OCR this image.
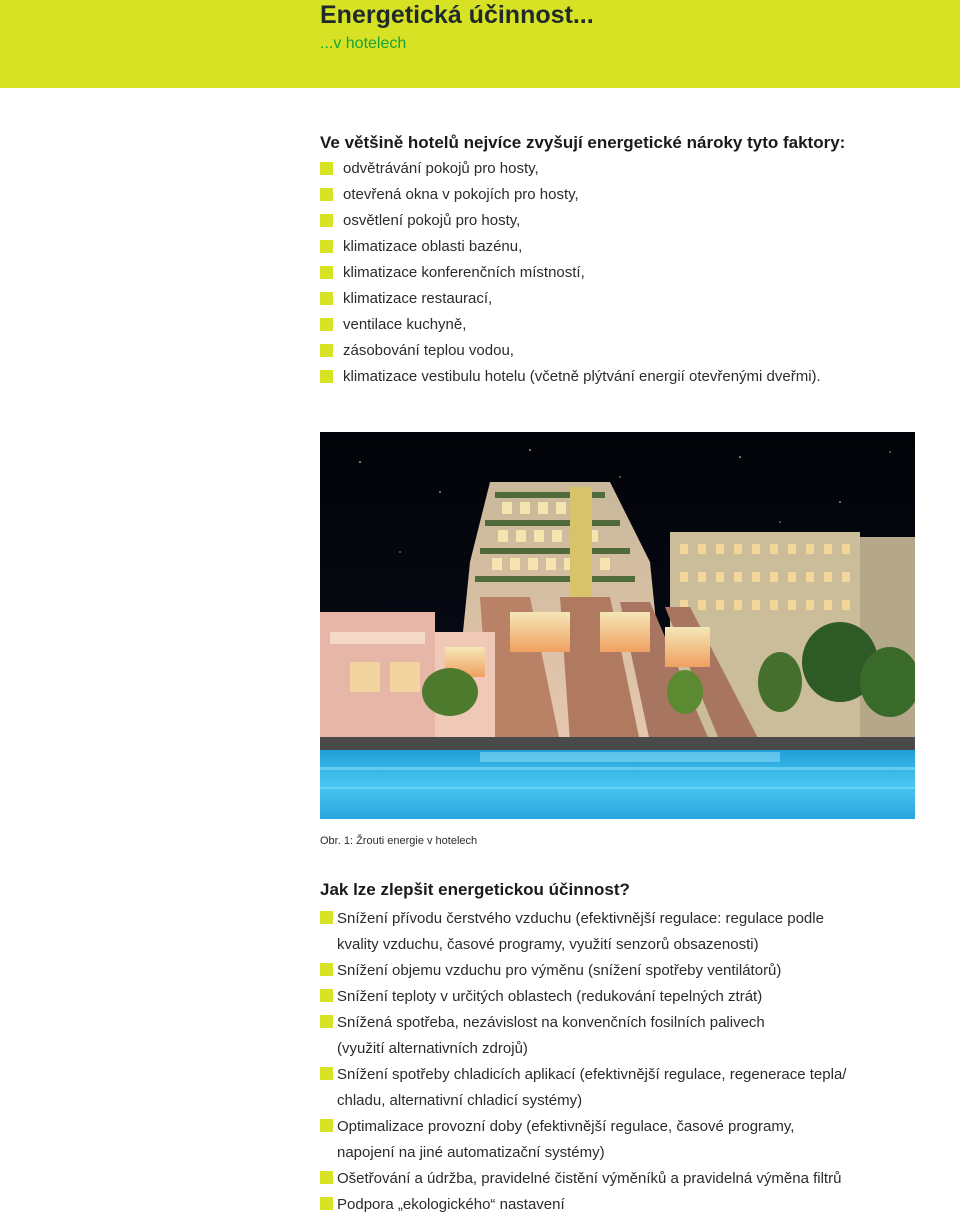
Energetická účinnost...
...v hotelech
Ve většině hotelů nejvíce zvyšují energetické nároky tyto faktory:
odvětrávání pokojů pro hosty,
otevřená okna v pokojích pro hosty,
osvětlení pokojů pro hosty,
klimatizace oblasti bazénu,
klimatizace konferenčních místností,
klimatizace restaurací,
ventilace kuchyně,
zásobování teplou vodou,
klimatizace vestibulu hotelu (včetně plýtvání energií otevřenými dveřmi).
Obr. 1: Žrouti energie v hotelech
Jak lze zlepšit energetickou účinnost?
Snížení přívodu čerstvého vzduchu (efektivnější regulace: regulace podle
kvality vzduchu, časové programy, využití senzorů obsazenosti)
Snížení objemu vzduchu pro výměnu (snížení spotřeby ventilátorů)
Snížení teploty v určitých oblastech (redukování tepelných ztrát)
Snížená spotřeba, nezávislost na konvenčních fosilních palivech
(využití alternativních zdrojů)
Snížení spotřeby chladicích aplikací (efektivnější regulace, regenerace tepla/
chladu, alternativní chladicí systémy)
Optimalizace provozní doby (efektivnější regulace, časové programy,
napojení na jiné automatizační systémy)
Ošetřování a údržba, pravidelné čistění výměníků a pravidelná výměna filtrů
Podpora „ekologického“ nastavení
